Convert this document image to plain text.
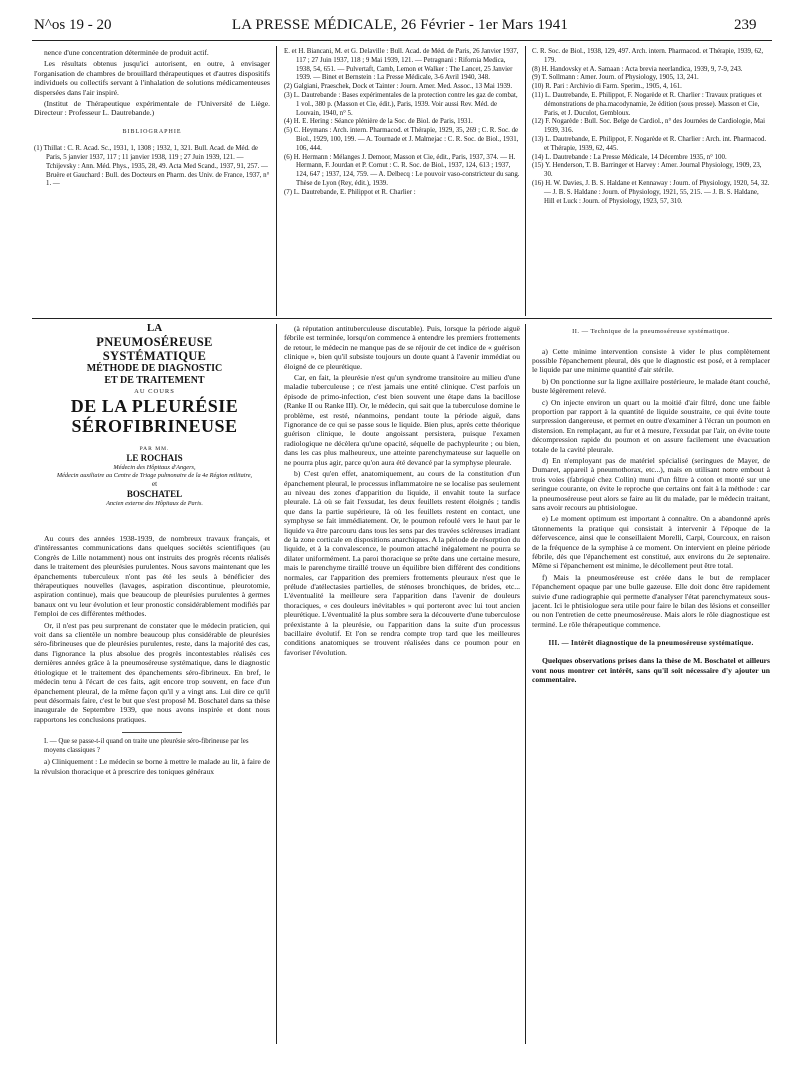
N^os 19 - 20	LA PRESSE MÉDICALE, 26 Février - 1er Mars 1941	239

nence d'une concentration déterminée de produit actif.

Les résultats obtenus jusqu'ici autorisent, en outre, à envisager l'organisation de chambres de brouillard thérapeutiques et d'autres dispositifs individuels ou collectifs servant à l'inhalation de solutions médicamenteuses dispersées dans l'air inspiré.

(Institut de Thérapeutique expérimentale de l'Université de Liège. Directeur : Professeur L. Dautrebande.)

BIBLIOGRAPHIE

(1) Thillat : C. R. Acad. Sc., 1931, 1, 1308 ; 1932, 1, 321. Bull. Acad. de Méd. de Paris, 5 janvier 1937, 117 ; 11 janvier 1938, 119 ; 27 Juin 1939, 121. — Tchijevsky : Ann. Méd. Phys., 1935, 28, 49. Acta Med Scand., 1937, 91, 257. — Bruère et Gauchard : Bull. des Docteurs en Pharm. des Univ. de France, 1937, n° 1. —

E. et H. Biancani, M. et G. Delaville : Bull. Acad. de Méd. de Paris, 26 Janvier 1937, 117 ; 27 Juin 1937, 118 ; 9 Mai 1939, 121. — Petragnani : Rifornia Medica, 1938, 54, 651. — Pulvertaft, Camb, Lemon et Walker : The Lancet, 25 Janvier 1939. — Binet et Bernstein : La Presse Médicale, 3-6 Avril 1940, 348.

(2) Galgiani, Praeschek, Dock et Tainter : Journ. Amer. Med. Assoc., 13 Mai 1939.

(3) L. Dautrebande : Bases expérimentales de la protection contre les gaz de combat, 1 vol., 380 p. (Masson et Cie, édit.), Paris, 1939. Voir aussi Rev. Méd. de Louvain, 1940, n° 5.

(4) H. E. Hering : Séance plénière de la Soc. de Biol. de Paris, 1931.

(5) C. Heymans : Arch. intern. Pharmacod. et Thérapie, 1929, 35, 269 ; C. R. Soc. de Biol., 1929, 100, 199. — A. Tournade et J. Malmejac : C. R. Soc. de Biol., 1931, 106, 444.

(6) H. Hermann : Mélanges J. Demoor, Masson et Cie, édit., Paris, 1937, 374. — H. Hermann, F. Jourdan et P. Cornut : C. R. Soc. de Biol., 1937, 124, 613 ; 1937, 124, 647 ; 1937, 124, 759. — A. Delbecq : Le pouvoir vaso-constricteur du sang. Thèse de Lyon (Rey, édit.), 1939.

(7) L. Dautrebande, E. Philippot et R. Charlier :

C. R. Soc. de Biol., 1938, 129, 497. Arch. intern. Pharmacod. et Thérapie, 1939, 62, 179.

(8) H. Handovsky et A. Samaan : Acta brevia neerlandica, 1939, 9, 7-9, 243.

(9) T. Sollmann : Amer. Journ. of Physiology, 1905, 13, 241.

(10) R. Pari : Archivio di Farm. Sperim., 1905, 4, 161.

(11) L. Dautrebande, E. Philippot, F. Nogarède et R. Charlier : Travaux pratiques et démonstrations de pha.macodynamie, 2e édition (sous presse). Masson et Cie, Paris, et J. Duculot, Gembloux.

(12) F. Nogarède : Bull. Soc. Belge de Cardiol., n° des Journées de Cardiologie, Mai 1939, 316.

(13) L. Dautrebande, E. Philippot, F. Nogarède et R. Charlier : Arch. int. Pharmacod. et Thérapie, 1939, 62, 445.

(14) L. Dautrebande : La Presse Médicale, 14 Décembre 1935, n° 100.

(15) Y. Henderson, T. B. Barringer et Harvey : Amer. Journal Physiology, 1909, 23, 30.

(16) H. W. Davies, J. B. S. Haldane et Kennaway : Journ. of Physiology, 1920, 54, 32. — J. B. S. Haldane : Journ. of Physiology, 1921, 55, 215. — J. B. S. Haldane, Hill et Luck : Journ. of Physiology, 1923, 57, 310.

LA
PNEUMOSÉREUSE SYSTÉMATIQUE
MÉTHODE DE DIAGNOSTIC
ET DE TRAITEMENT
AU COURS
DE LA PLEURÉSIE
SÉROFIBRINEUSE
PAR MM.
LE ROCHAIS
Médecin des Hôpitaux d'Angers,
Médecin auxiliaire au Centre de Triage pulmonaire de la 4e Région militaire,
et
BOSCHATEL
Ancien externe des Hôpitaux de Paris.

Au cours des années 1938-1939, de nombreux travaux français, et d'intéressantes communications dans quelques sociétés scientifiques (au Congrès de Lille notamment) nous ont instruits des progrès récents réalisés dans le traitement des pleurésies purulentes. Nous savons maintenant que les épanchements tuberculeux n'ont pas été les seuls à bénéficier des thérapeutiques nouvelles (lavages, aspiration discontinue, pleurotomie, aspiration continue), mais que beaucoup de pleurésies purulentes à germes banaux ont vu leur évolution et leur pronostic considérablement modifiés par l'emploi de ces différentes méthodes.

Or, il n'est pas peu surprenant de constater que le médecin praticien, qui voit dans sa clientèle un nombre beaucoup plus considérable de pleurésies séro-fibrineuses que de pleurésies purulentes, reste, dans la majorité des cas, dans l'ignorance la plus absolue des progrès incontestables réalisés ces dernières années grâce à la pneumoséreuse systématique, dans le diagnostic étiologique et le traitement des épanchements séro-fibrineux. En bref, le médecin tenu à l'écart de ces faits, agit encore trop souvent, en face d'un épanchement pleural, de la même façon qu'il y a vingt ans. Lui dire ce qu'il peut désormais faire, c'est le but que s'est proposé M. Boschatel dans sa thèse inaugurale de Septembre 1939, que nous avons inspirée et dont nous rapportons les conclusions pratiques.

I. — Que se passe-t-il quand on traite une pleurésie séro-fibrineuse par les moyens classiques ?

a) Cliniquement : Le médecin se borne à mettre le malade au lit, à faire de la révulsion thoracique et à prescrire des toniques généraux

(à réputation antituberculeuse discutable). Puis, lorsque la période aiguë fébrile est terminée, lorsqu'on commence à entendre les premiers frottements de retour, le médecin ne manque pas de se réjouir de cet indice de « guérison clinique », bien qu'il subsiste toujours un doute quant à l'avenir immédiat ou éloigné de ce pleurétique.

Car, en fait, la pleurésie n'est qu'un syndrome transitoire au milieu d'une maladie tuberculeuse ; ce n'est jamais une entité clinique. C'est parfois un épisode de primo-infection, c'est bien souvent une étape dans la bacillose (Ranke II ou Ranke III). Or, le médecin, qui sait que la tuberculose domine le problème, est resté, néanmoins, pendant toute la période aiguë, dans l'ignorance de ce qui se passe sous le liquide. Bien plus, après cette théorique guérison clinique, le doute angoissant persistera, puisque l'examen radiologique ne décèlera qu'une opacité, séquelle de pachypleurite ; ou bien, dans les cas plus malheureux, une atteinte parenchymateuse sur laquelle on ne pourra plus agir, parce qu'on aura été devancé par la symphyse pleurale.

b) C'est qu'en effet, anatomiquement, au cours de la constitution d'un épanchement pleural, le processus inflammatoire ne se localise pas seulement au niveau des zones d'apparition du liquide, il envahit toute la surface pleurale. Là où se fait l'exsudat, les deux feuillets restent éloignés ; tandis que dans la partie supérieure, là où les feuillets restent en contact, une symphyse se fait immédiatement. Or, le poumon refoulé vers le haut par le liquide va être parcouru dans tous les sens par des travées scléreuses irradiant de la zone corticale en dispositions anarchiques. A la période de résorption du liquide, et à la convalescence, le poumon attaché inégalement ne pourra se dilater uniformément. La paroi thoracique se prête dans une certaine mesure, mais le parenchyme tiraillé trouve un équilibre bien différent des conditions normales, car l'apparition des premiers frottements pleuraux n'est que le prélude d'atélectasies partielles, de sténoses bronchiques, de brides, etc... L'éventualité la meilleure sera l'apparition dans l'avenir de douleurs thoraciques, « ces douleurs inévitables » qui porteront avec lui tout ancien pleurétique. L'éventualité la plus sombre sera la découverte d'une tuberculose préexistante à la pleurésie, ou l'apparition dans la suite d'un processus bacillaire évolutif. Et l'on se rendra compte trop tard que les meilleures conditions anatomiques se trouvent réalisées dans ce poumon pour en favoriser l'évolution.

II. — Technique de la pneumoséreuse systématique.

a) Cette minime intervention consiste à vider le plus complètement possible l'épanchement pleural, dès que le diagnostic est posé, et à remplacer le liquide par une minime quantité d'air stérile.

b) On ponctionne sur la ligne axillaire postérieure, le malade étant couché, buste légèrement relevé.

c) On injecte environ un quart ou la moitié d'air filtré, donc une faible proportion par rapport à la quantité de liquide soustraite, ce qui évite toute surpression dangereuse, et permet en outre d'examiner à l'écran un poumon en distension. En remplaçant, au fur et à mesure, l'exsudat par l'air, on évite toute décompression rapide du poumon et on assure facilement une évacuation totale de la cavité pleurale.

d) En n'employant pas de matériel spécialisé (seringues de Mayer, de Dumaret, appareil à pneumothorax, etc...), mais en utilisant notre embout à trois voies (fabriqué chez Collin) muni d'un filtre à coton et monté sur une seringue courante, on évite le reproche que certains ont fait à la méthode : car la pneumoséreuse peut alors se faire au lit du malade, par le médecin traitant, sans avoir recours au phtisiologue.

e) Le moment optimum est important à connaître. On a abandonné après tâtonnements la pratique qui consistait à intervenir à l'époque de la défervescence, ainsi que le conseillaient Morelli, Carpi, Courcoux, en raison de la fréquence de la symphise à ce moment. On intervient en pleine période fébrile, dès que l'épanchement est constitué, aux environs du 2e septenaire. Même si l'épanchement est minime, le décollement peut être total.

f) Mais la pneumoséreuse est créée dans le but de remplacer l'épanchement opaque par une bulle gazeuse. Elle doit donc être rapidement suivie d'une radiographie qui permette d'analyser l'état parenchymateux sous-jacent. Ici le phtisiologue sera utile pour faire le bilan des lésions et conseiller ou non l'entretien de cette pneumoséreuse. Mais alors le rôle diagnostique est terminé. Le rôle thérapeutique commence.

III. — Intérêt diagnostique de la pneumoséreuse systématique.

Quelques observations prises dans la thèse de M. Boschatel et ailleurs vont nous montrer cet intérêt, sans qu'il soit nécessaire d'y ajouter un commentaire.
